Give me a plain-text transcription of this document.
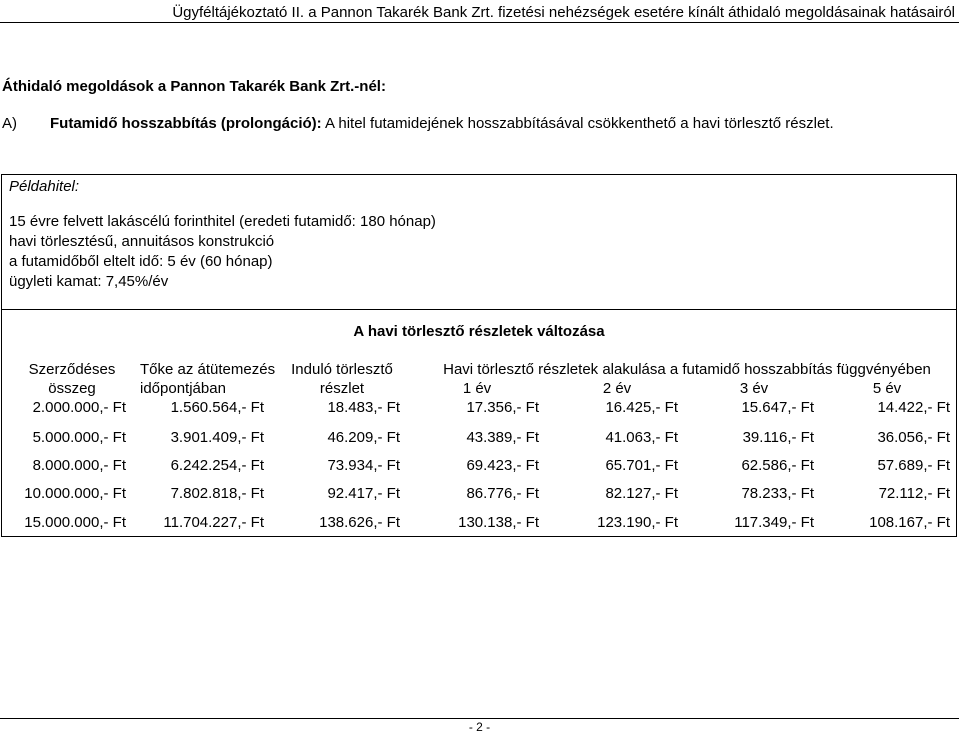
Ügyféltájékoztató II. a Pannon Takarék Bank Zrt. fizetési nehézségek esetére kínált áthidaló megoldásainak hatásairól
Áthidaló megoldások a Pannon Takarék Bank Zrt.-nél:
A) Futamidő hosszabbítás (prolongáció): A hitel futamidejének hosszabbításával csökkenthető a havi törlesztő részlet.
Példahitel:
15 évre felvett lakáscélú forinthitel (eredeti futamidő: 180 hónap)
havi törlesztésű, annuitásos konstrukció
a futamidőből eltelt idő: 5 év (60 hónap)
ügyleti kamat: 7,45%/év
A havi törlesztő részletek változása
Szerződéses	Tőke az átütemezés	Induló törlesztő	Havi törlesztő részletek alakulása a futamidő hosszabbítás függvényében
összeg	időpontjában	részlet	1 év	2 év	3 év	5 év
2.000.000,- Ft	1.560.564,- Ft	18.483,- Ft	17.356,- Ft	16.425,- Ft	15.647,- Ft	14.422,- Ft
5.000.000,- Ft	3.901.409,- Ft	46.209,- Ft	43.389,- Ft	41.063,- Ft	39.116,- Ft	36.056,- Ft
8.000.000,- Ft	6.242.254,- Ft	73.934,- Ft	69.423,- Ft	65.701,- Ft	62.586,- Ft	57.689,- Ft
10.000.000,- Ft	7.802.818,- Ft	92.417,- Ft	86.776,- Ft	82.127,- Ft	78.233,- Ft	72.112,- Ft
15.000.000,- Ft	11.704.227,- Ft	138.626,- Ft	130.138,- Ft	123.190,- Ft	117.349,- Ft	108.167,- Ft
- 2 -
